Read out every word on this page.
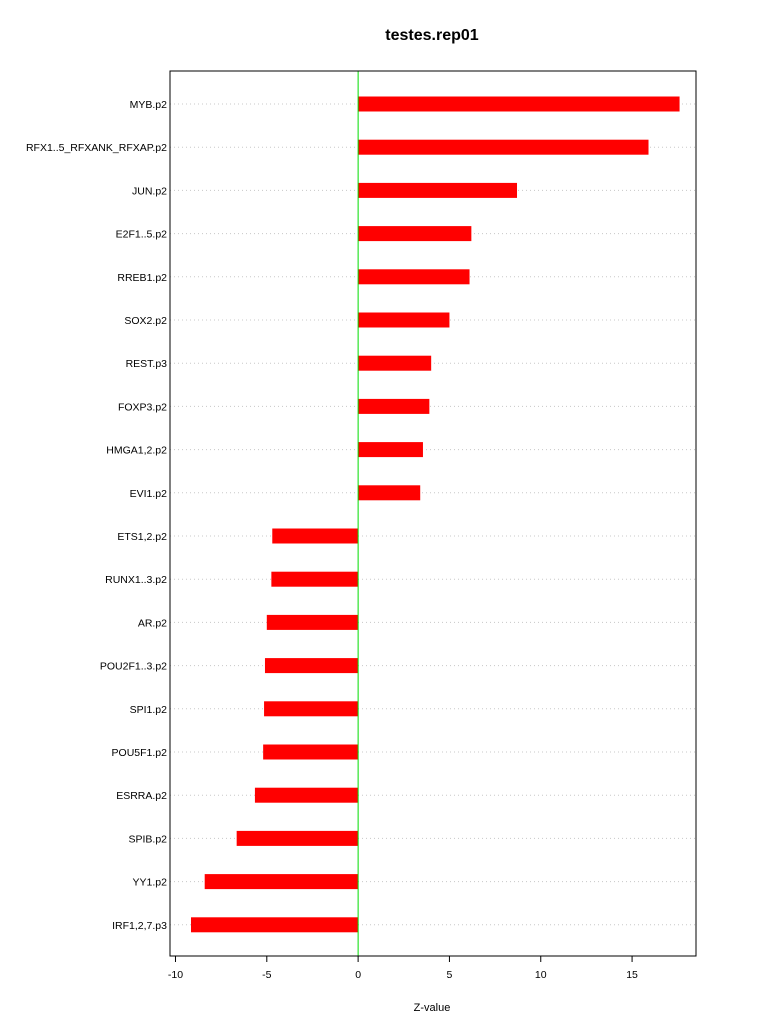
testes.rep01
MYB.p2
RFX1..5_RFXANK_RFXAP.p2
JUN.p2
E2F1..5.p2
RREB1.p2
SOX2.p2
REST.p3
FOXP3.p2
HMGA1,2.p2
EVI1.p2
ETS1,2.p2
RUNX1..3.p2
AR.p2
POU2F1..3.p2
SPI1.p2
POU5F1.p2
ESRRA.p2
SPIB.p2
YY1.p2
IRF1,2,7.p3
-10	-5	0	5	10	15
Z-value
